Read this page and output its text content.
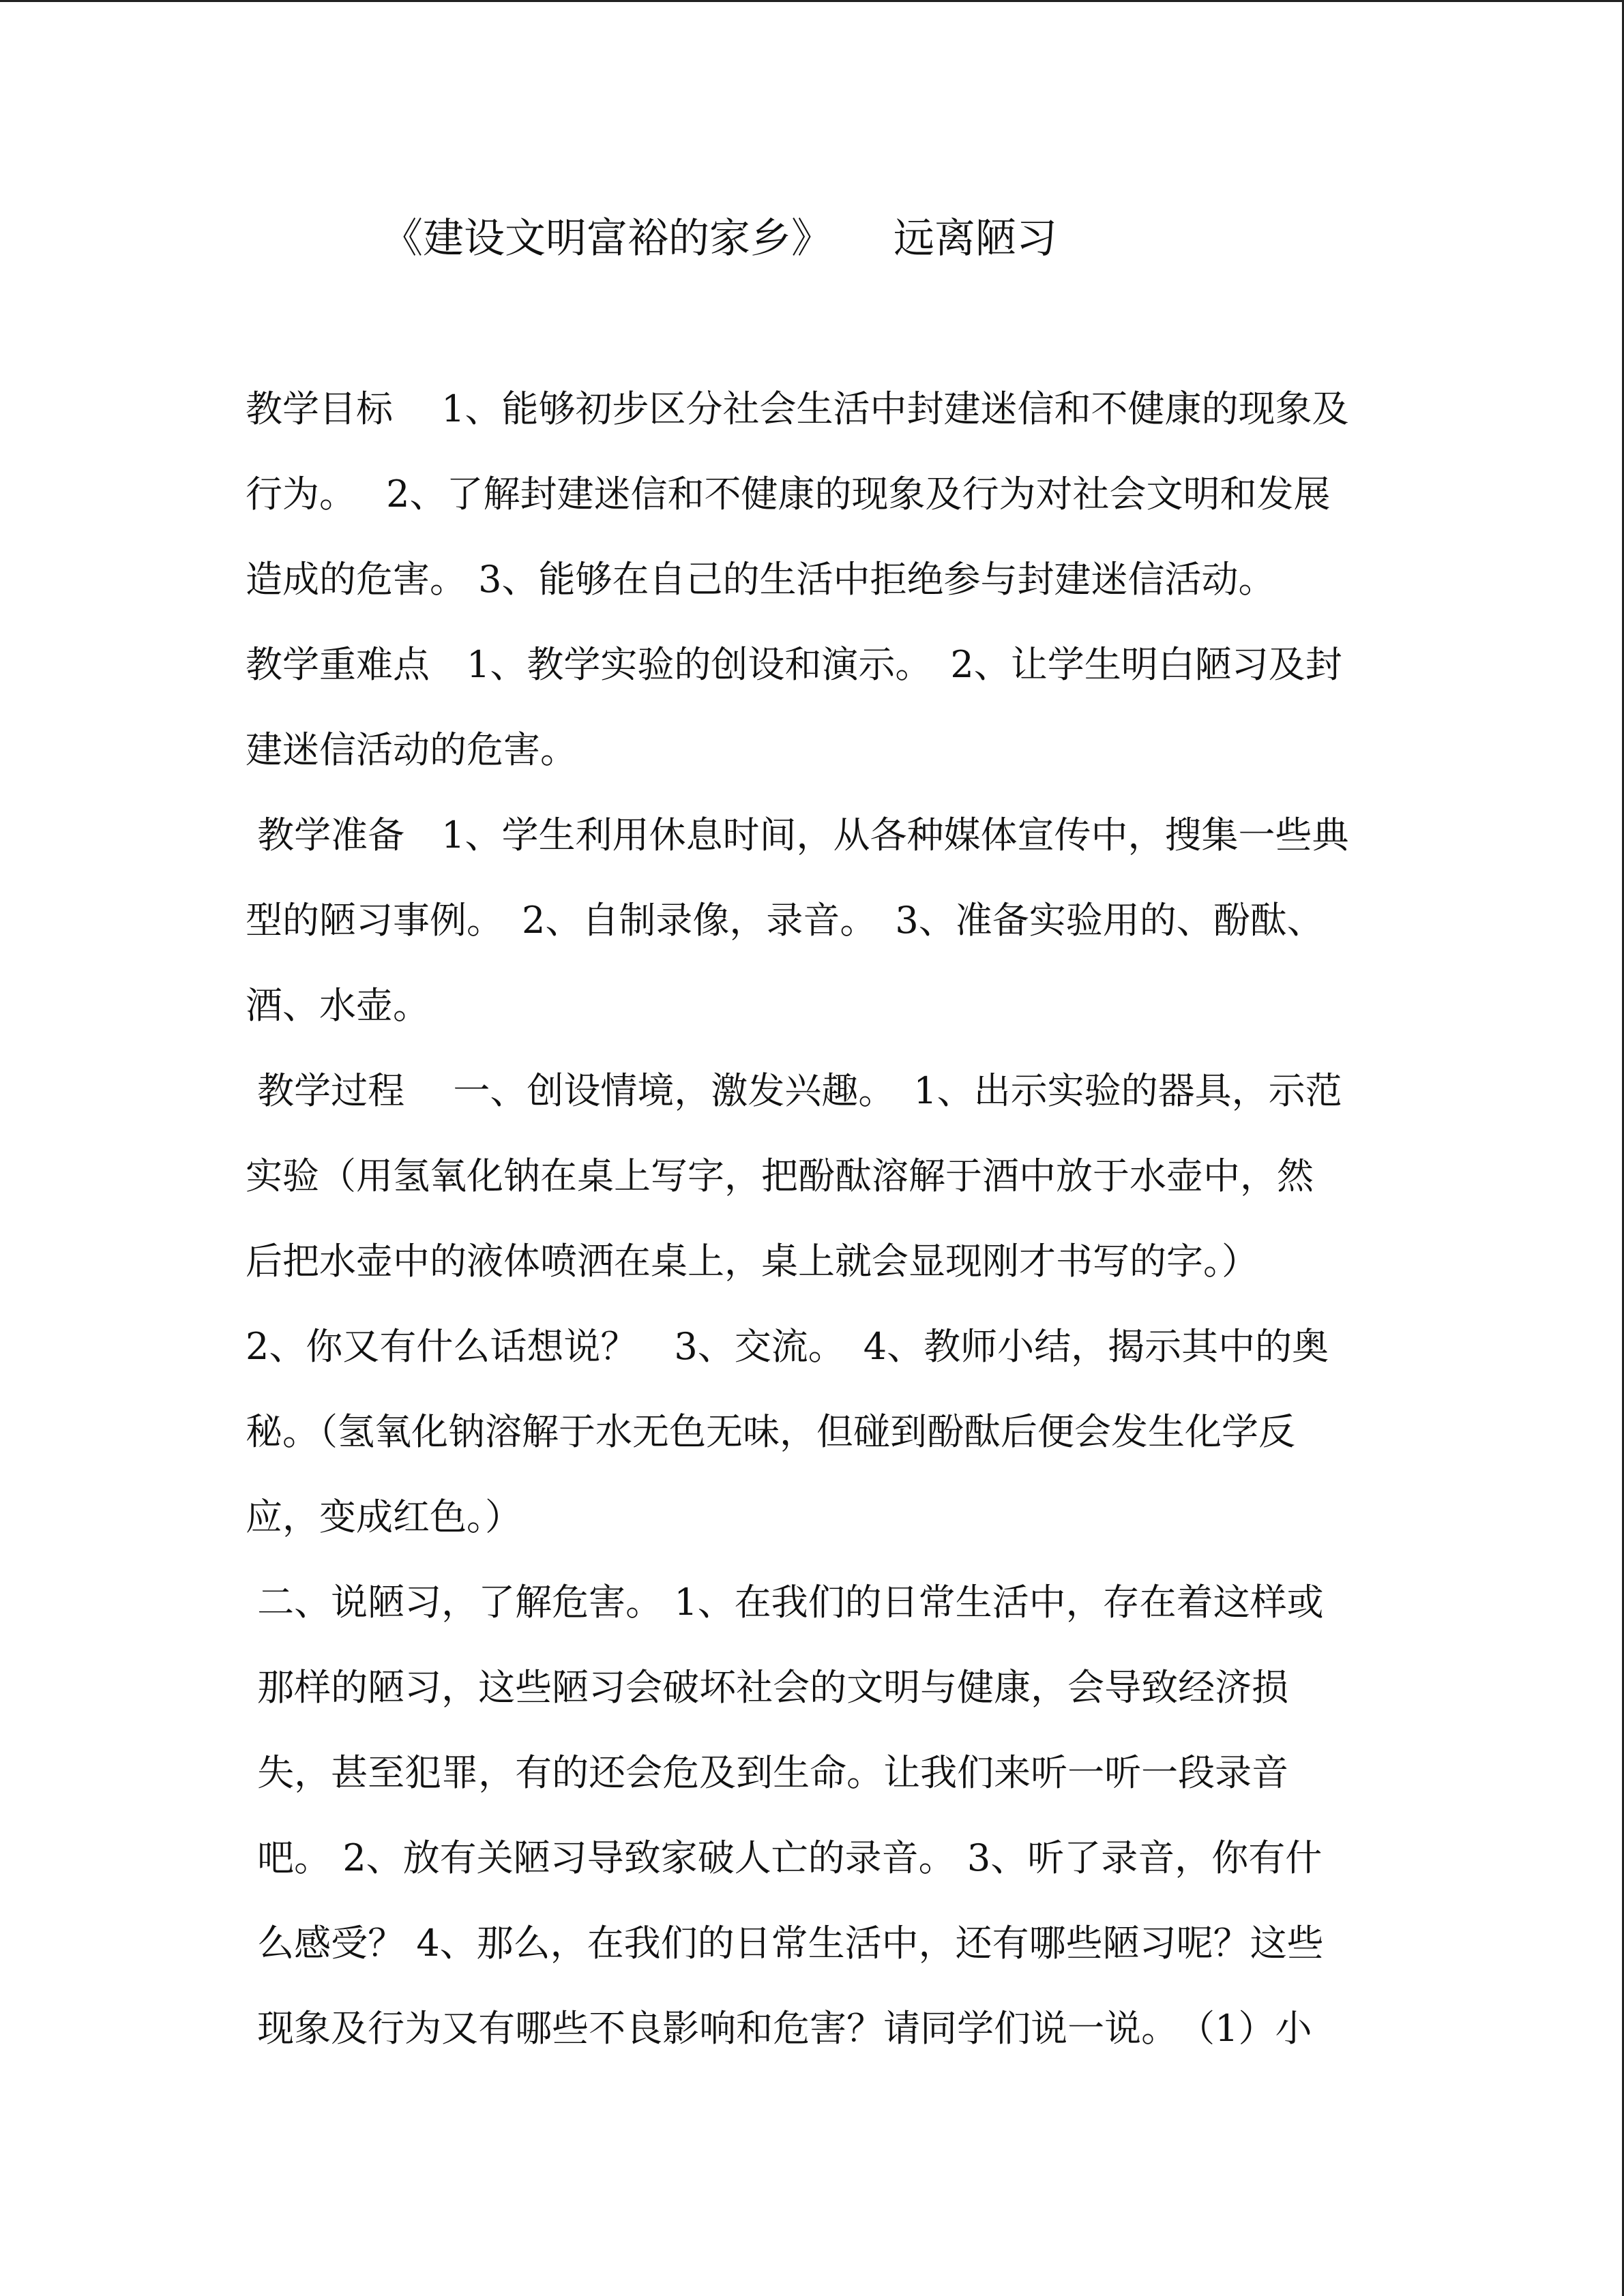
《建设文明富裕的家乡》　　远离陋习
教学目标　 1、能够初步区分社会生活中封建迷信和不健康的现象及
行为。　 2、了解封建迷信和不健康的现象及行为对社会文明和发展
造成的危害。 3、能够在自己的生活中拒绝参与封建迷信活动。
教学重难点　1、教学实验的创设和演示。　2、让学生明白陋习及封
建迷信活动的危害。
教学准备　1、学生利用休息时间，从各种媒体宣传中，搜集一些典
型的陋习事例。　2、自制录像，录音。　3、准备实验用的、酚酞、
酒、水壶。
教学过程　 一、创设情境，激发兴趣。　1、出示实验的器具，示范
实验（用氢氧化钠在桌上写字，把酚酞溶解于酒中放于水壶中，然
后把水壶中的液体喷洒在桌上，桌上就会显现刚才书写的字。）
2、你又有什么话想说？　3、交流。　4、教师小结，揭示其中的奥
秘。（氢氧化钠溶解于水无色无味，但碰到酚酞后便会发生化学反
应，变成红色。）
二、说陋习，了解危害。 1、在我们的日常生活中，存在着这样或
那样的陋习，这些陋习会破坏社会的文明与健康，会导致经济损
失，甚至犯罪，有的还会危及到生命。让我们来听一听一段录音
吧。 2、放有关陋习导致家破人亡的录音。 3、听了录音，你有什
么感受？ 4、那么，在我们的日常生活中，还有哪些陋习呢？这些
现象及行为又有哪些不良影响和危害？请同学们说一说。　（1）小
